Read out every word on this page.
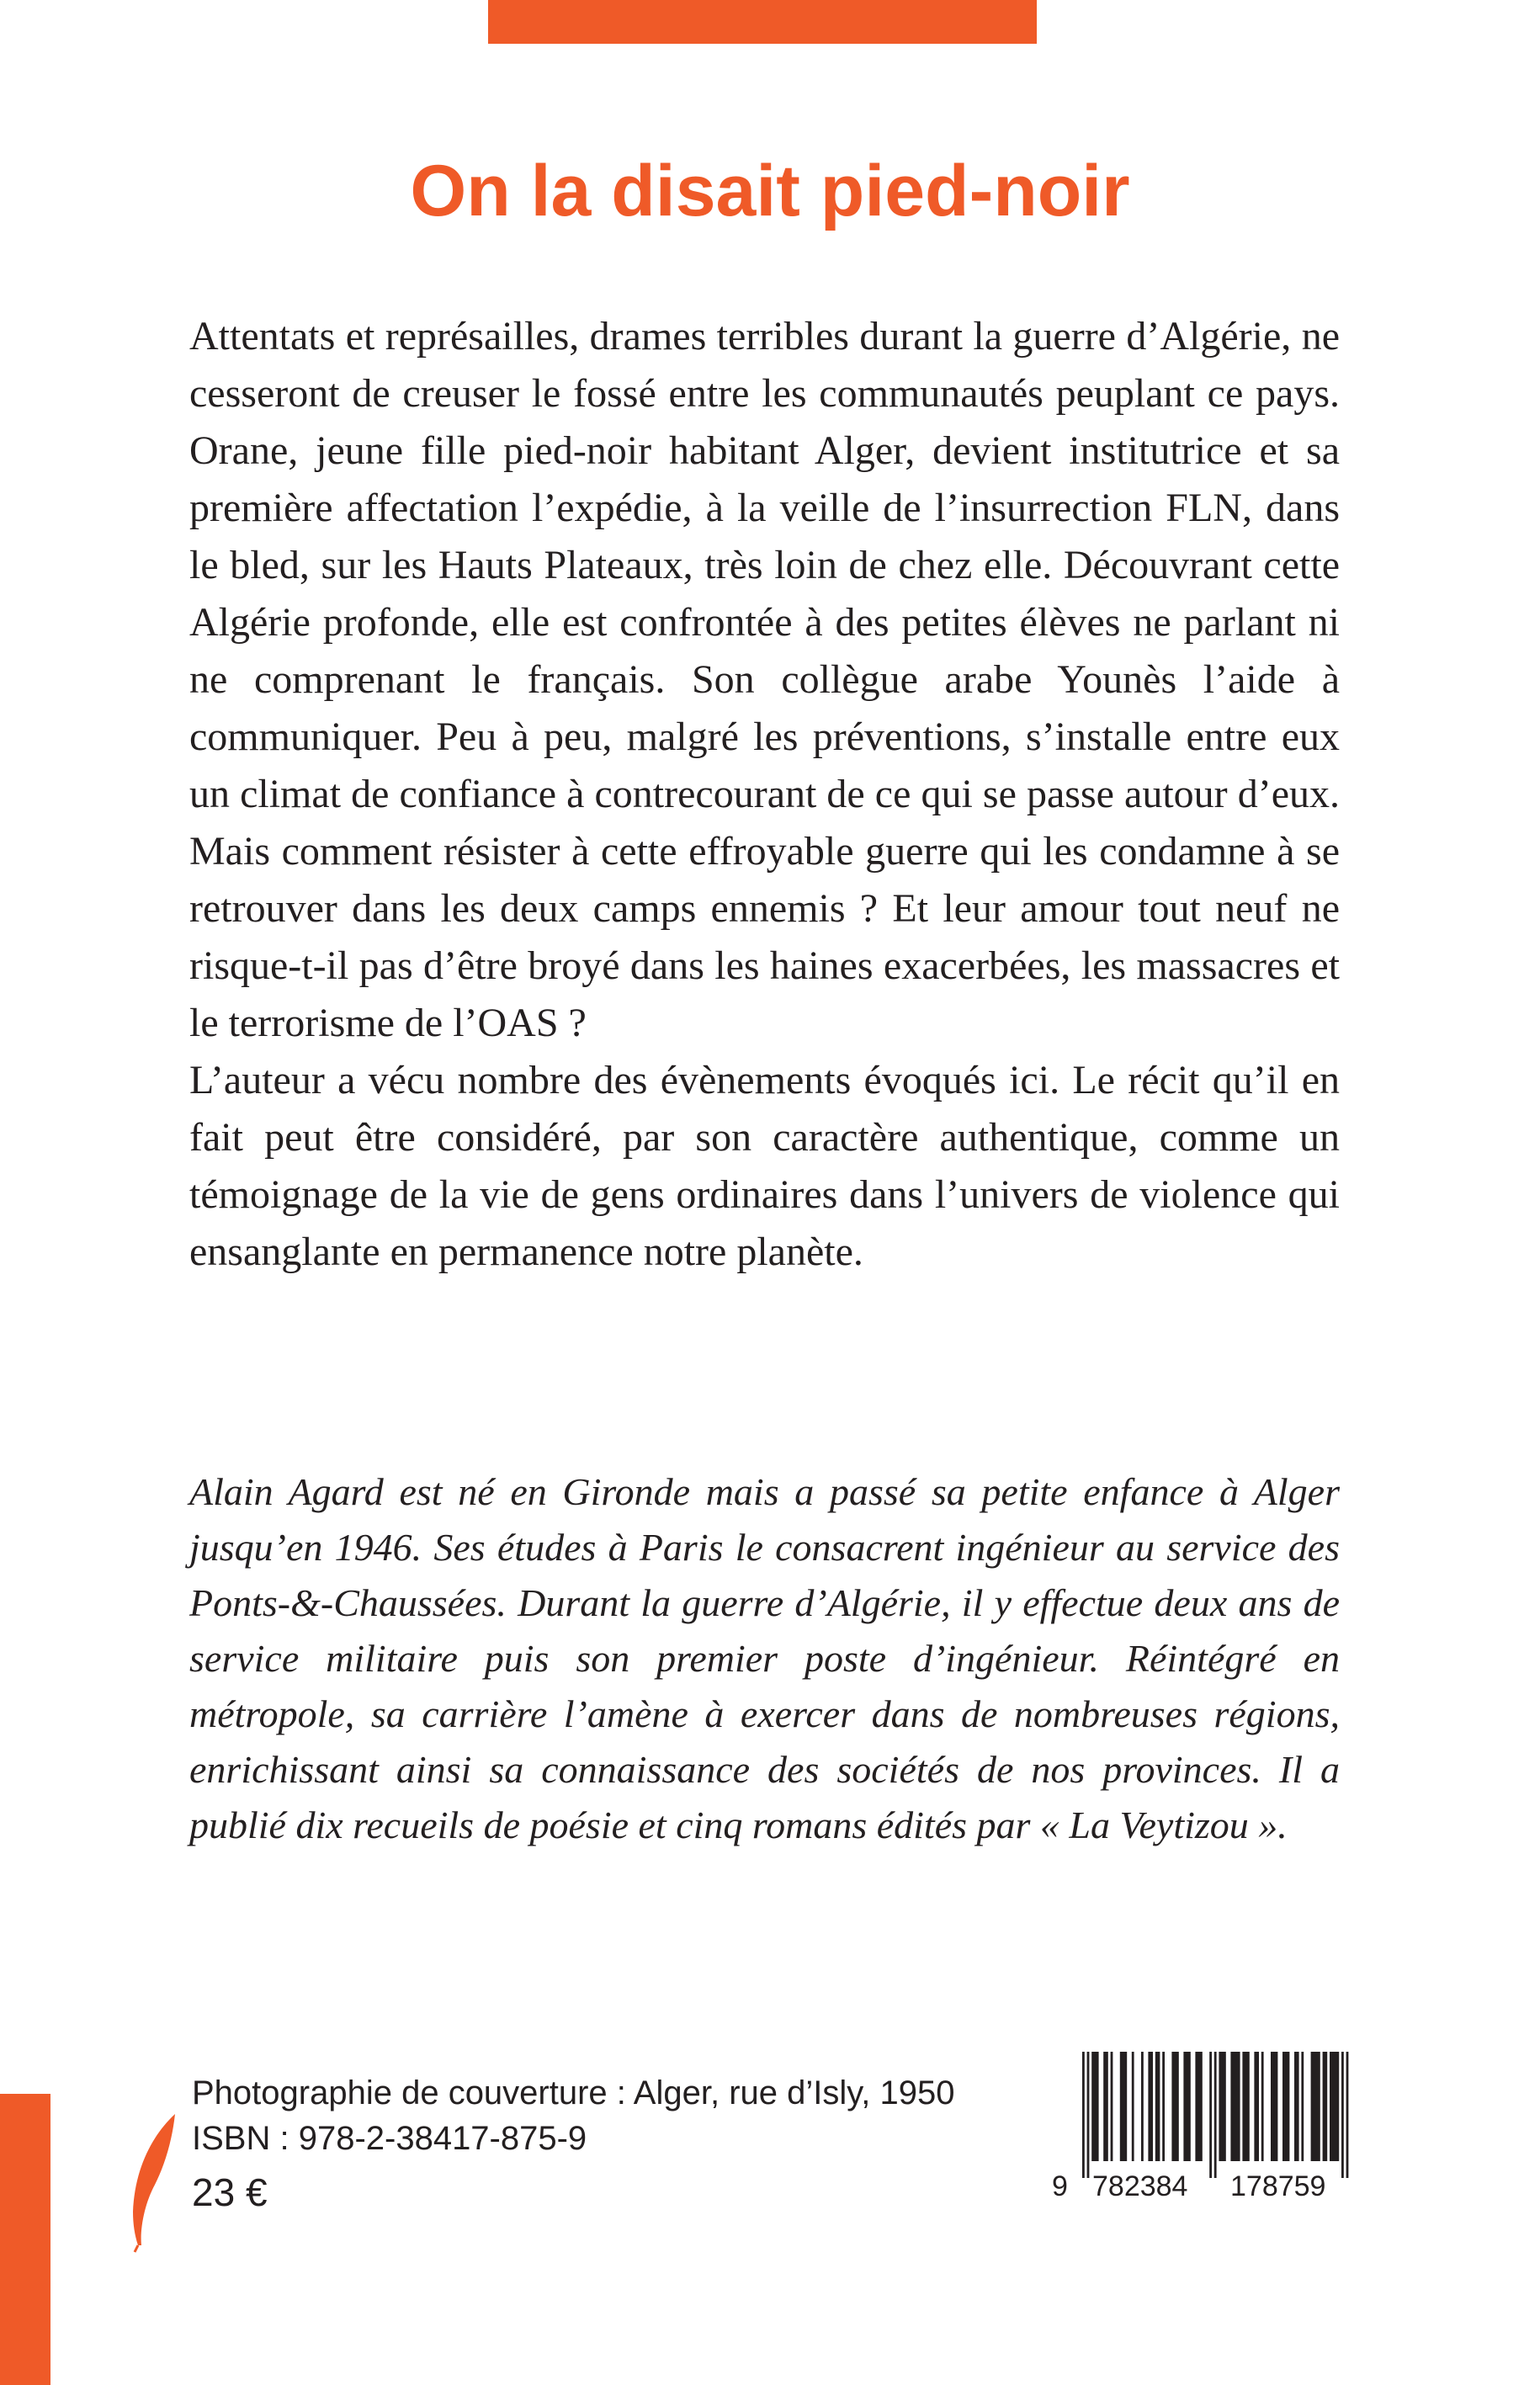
On la disait pied-noir

Attentats et représailles, drames terribles durant la guerre d’Algérie, ne cesseront de creuser le fossé entre les communautés peuplant ce pays. Orane, jeune fille pied-noir habitant Alger, devient institutrice et sa première affectation l’expédie, à la veille de l’insurrection FLN, dans le bled, sur les Hauts Plateaux, très loin de chez elle. Découvrant cette Algérie profonde, elle est confrontée à des petites élèves ne parlant ni ne comprenant le français. Son collègue arabe Younès l’aide à communiquer. Peu à peu, malgré les préventions, s’installe entre eux un climat de confiance à contrecourant de ce qui se passe autour d’eux. Mais comment résister à cette effroyable guerre qui les condamne à se retrouver dans les deux camps ennemis ? Et leur amour tout neuf ne risque-t-il pas d’être broyé dans les haines exacerbées, les massacres et le terrorisme de l’OAS ?

L’auteur a vécu nombre des évènements évoqués ici. Le récit qu’il en fait peut être considéré, par son caractère authentique, comme un témoignage de la vie de gens ordinaires dans l’univers de violence qui ensanglante en permanence notre planète.

Alain Agard est né en Gironde mais a passé sa petite enfance à Alger jusqu’en 1946. Ses études à Paris le consacrent ingénieur au service des Ponts-&-Chaussées. Durant la guerre d’Algérie, il y effectue deux ans de service militaire puis son premier poste d’ingénieur. Réintégré en métropole, sa carrière l’amène à exercer dans de nombreuses régions, enrichissant ainsi sa connaissance des sociétés de nos provinces. Il a publié dix recueils de poésie et cinq romans édités par « La Veytizou ».

Photographie de couverture : Alger, rue d’Isly, 1950

ISBN : 978-2-38417-875-9

23 €	9 782384 178759
